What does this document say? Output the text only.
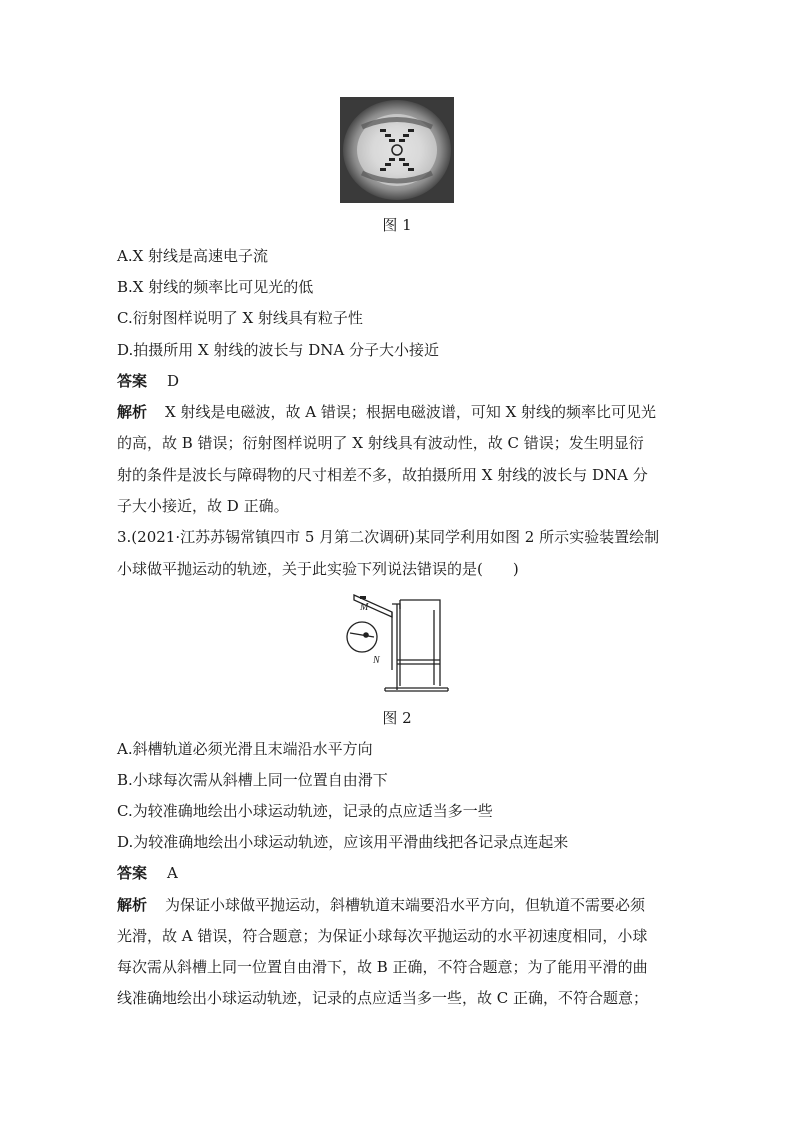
图 1
A.X 射线是高速电子流
B.X 射线的频率比可见光的低
C.衍射图样说明了 X 射线具有粒子性
D.拍摄所用 X 射线的波长与 DNA 分子大小接近
答案 D
解析 X 射线是电磁波，故 A 错误；根据电磁波谱，可知 X 射线的频率比可见光
的高，故 B 错误；衍射图样说明了 X 射线具有波动性，故 C 错误；发生明显衍
射的条件是波长与障碍物的尺寸相差不多，故拍摄所用 X 射线的波长与 DNA 分
子大小接近，故 D 正确。
3.(2021·江苏苏锡常镇四市 5 月第二次调研)某同学利用如图 2 所示实验装置绘制
小球做平抛运动的轨迹，关于此实验下列说法错误的是(　　)
M
N
图 2
A.斜槽轨道必须光滑且末端沿水平方向
B.小球每次需从斜槽上同一位置自由滑下
C.为较准确地绘出小球运动轨迹，记录的点应适当多一些
D.为较准确地绘出小球运动轨迹，应该用平滑曲线把各记录点连起来
答案 A
解析 为保证小球做平抛运动，斜槽轨道末端要沿水平方向，但轨道不需要必须
光滑，故 A 错误，符合题意；为保证小球每次平抛运动的水平初速度相同，小球
每次需从斜槽上同一位置自由滑下，故 B 正确，不符合题意；为了能用平滑的曲
线准确地绘出小球运动轨迹，记录的点应适当多一些，故 C 正确，不符合题意；
